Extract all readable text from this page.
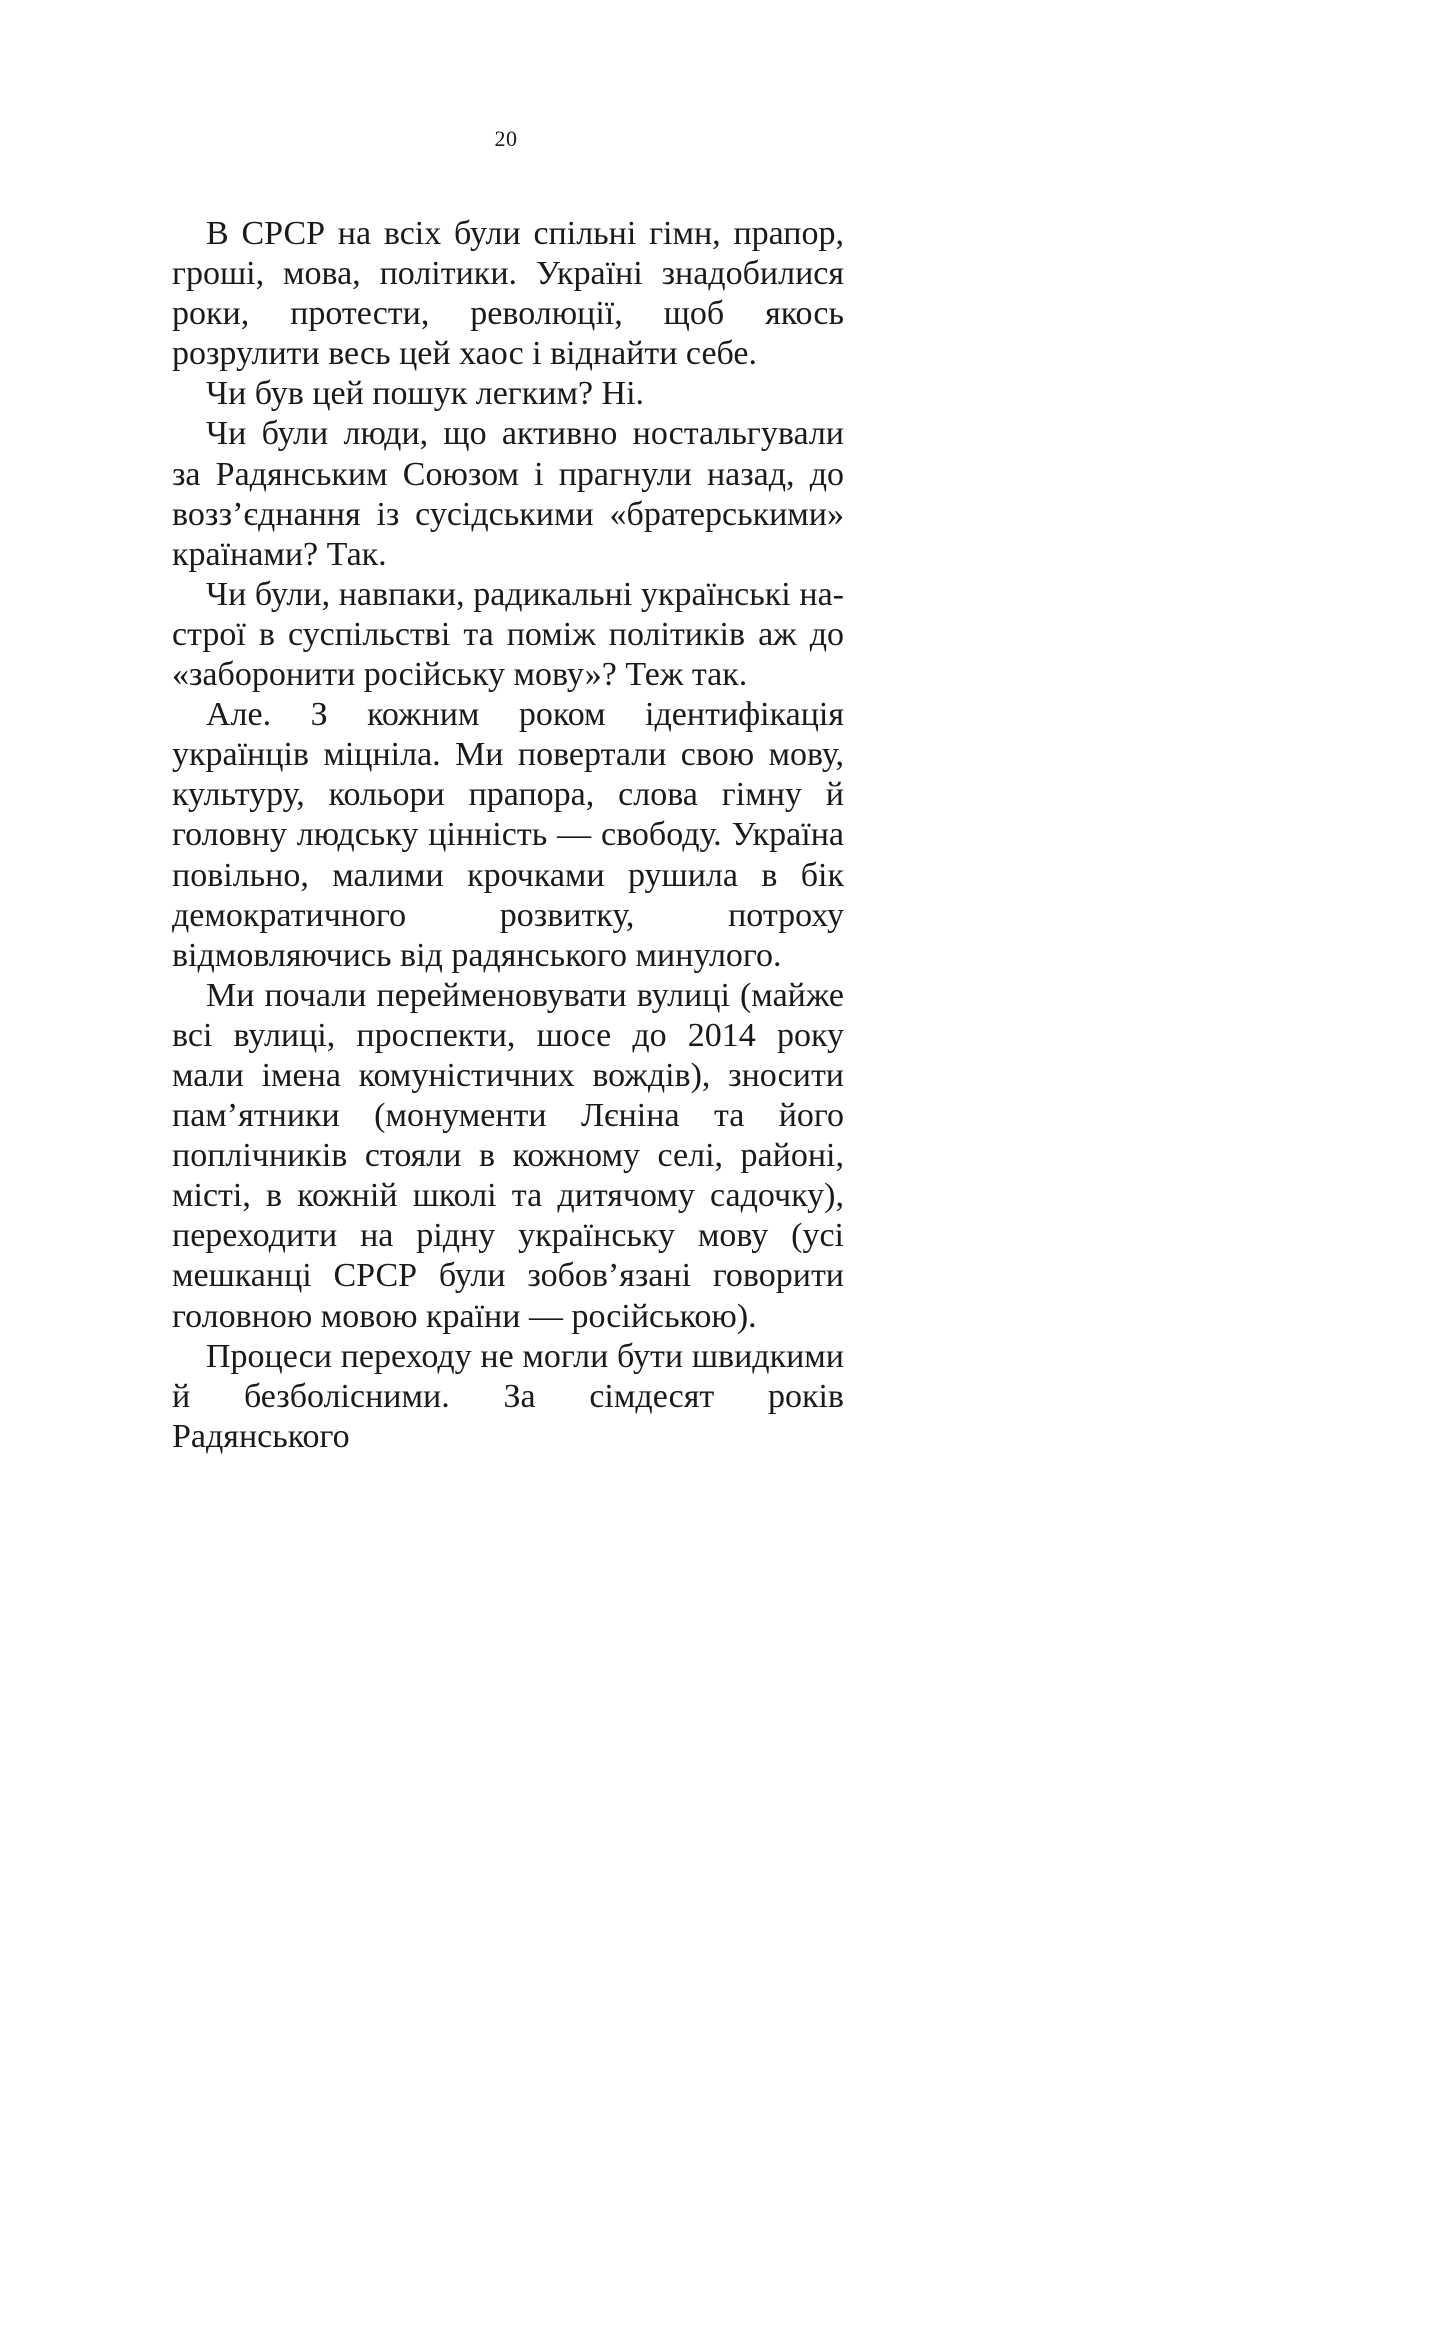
20

В СРСР на всіх були спільні гімн, прапор, гроші, мова, політики. Україні знадобилися роки, протести, революції, щоб якось розрулити весь цей хаос і віднайти себе.

Чи був цей пошук легким? Ні.

Чи були люди, що активно ностальгували за Радянським Союзом і прагнули назад, до возз’єднання із сусідськими «братерськими» країнами? Так.

Чи були, навпаки, радикальні українські настрої в суспільстві та поміж політиків аж до «заборонити російську мову»? Теж так.

Але. З кожним роком ідентифікація українців міцніла. Ми повертали свою мову, культуру, кольори прапора, слова гімну й головну людську цінність — свободу. Україна повільно, малими крочками рушила в бік демократичного розвитку, потроху відмовляючись від радянського минулого.

Ми почали перейменовувати вулиці (майже всі вулиці, проспекти, шосе до 2014 року мали імена комуністичних вождів), зносити пам’ятники (монументи Лєніна та його поплічників стояли в кожному селі, районі, місті, в кожній школі та дитячому садочку), переходити на рідну українську мову (усі мешканці СРСР були зобов’язані говорити головною мовою країни — російською).

Процеси переходу не могли бути швидкими й безболісними. За сімдесят років Радянського
